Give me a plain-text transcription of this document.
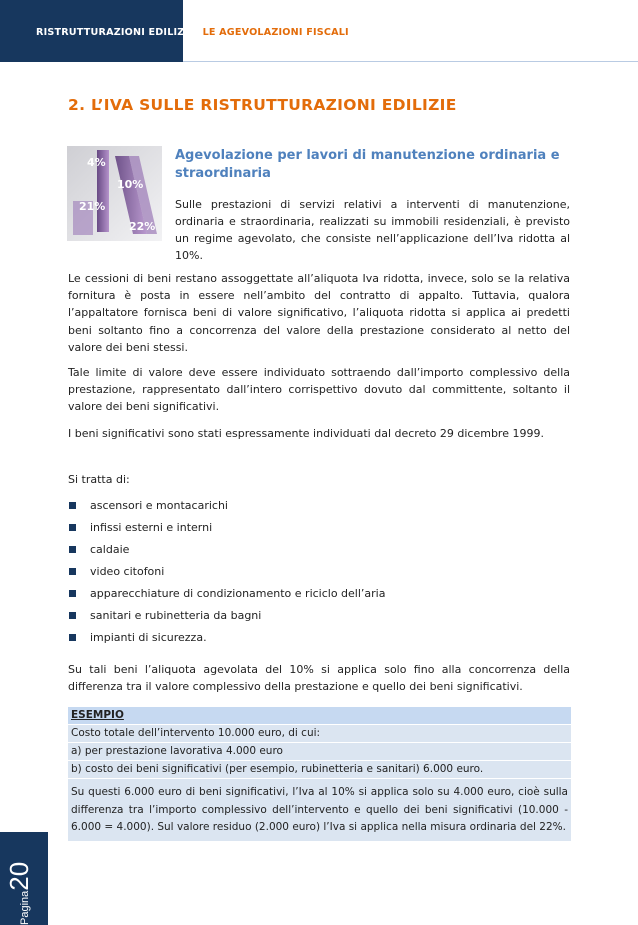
RISTRUTTURAZIONI EDILIZIE: LE AGEVOLAZIONI FISCALI
2. L’IVA SULLE RISTRUTTURAZIONI EDILIZIE
4%
10%
21%
22%
Agevolazione per lavori di manutenzione ordinaria e straordinaria
Sulle prestazioni di servizi relativi a interventi di manutenzione, ordinaria e straordinaria, realizzati su immobili residenziali, è previsto un regime agevolato, che consiste nell’applicazione dell’Iva ridotta al 10%.
Le cessioni di beni restano assoggettate all’aliquota Iva ridotta, invece, solo se la relativa fornitura è posta in essere nell’ambito del contratto di appalto. Tuttavia, qualora l’appaltatore fornisca beni di valore significativo, l’aliquota ridotta si applica ai predetti beni soltanto fino a concorrenza del valore della prestazione considerato al netto del valore dei beni stessi.
Tale limite di valore deve essere individuato sottraendo dall’importo complessivo della prestazione, rappresentato dall’intero corrispettivo dovuto dal committente, soltanto il valore dei beni significativi.
I beni significativi sono stati espressamente individuati dal decreto 29 dicembre 1999.
Si tratta di:
ascensori e montacarichi
infissi esterni e interni
caldaie
video citofoni
apparecchiature di condizionamento e riciclo dell’aria
sanitari e rubinetteria da bagni
impianti di sicurezza.
Su tali beni l’aliquota agevolata del 10% si applica solo fino alla concorrenza della differenza tra il valore complessivo della prestazione e quello dei beni significativi.
ESEMPIO
Costo totale dell’intervento 10.000 euro, di cui:
a) per prestazione lavorativa 4.000 euro
b) costo dei beni significativi (per esempio, rubinetteria e sanitari) 6.000 euro.
Su questi 6.000 euro di beni significativi, l’Iva al 10% si applica solo su 4.000 euro, cioè sulla differenza tra l’importo complessivo dell’intervento e quello dei beni significativi (10.000 - 6.000 = 4.000). Sul valore residuo (2.000 euro) l’Iva si applica nella misura ordinaria del 22%.
Pagina20
